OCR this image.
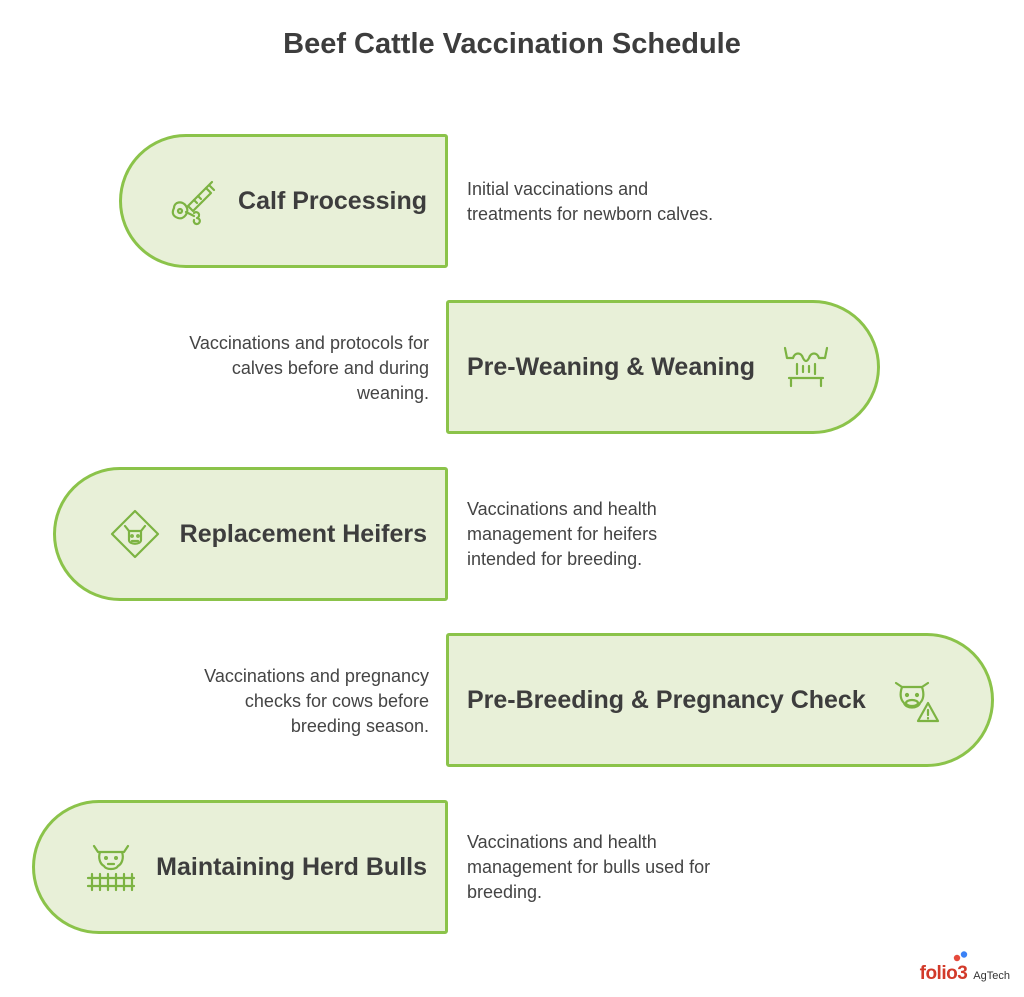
Beef Cattle Vaccination Schedule
Calf Processing Initial vaccinations and
treatments for newborn calves.
Pre-Weaning & Weaning
Vaccinations and protocols for
calves before and during
weaning.
Replacement Heifers
Vaccinations and health
management for heifers
intended for breeding.
Pre-Breeding & Pregnancy Check
Vaccinations and pregnancy
checks for cows before
breeding season.
Maintaining Herd Bulls
Vaccinations and health
management for bulls used for
breeding.
folio3 AgTech
